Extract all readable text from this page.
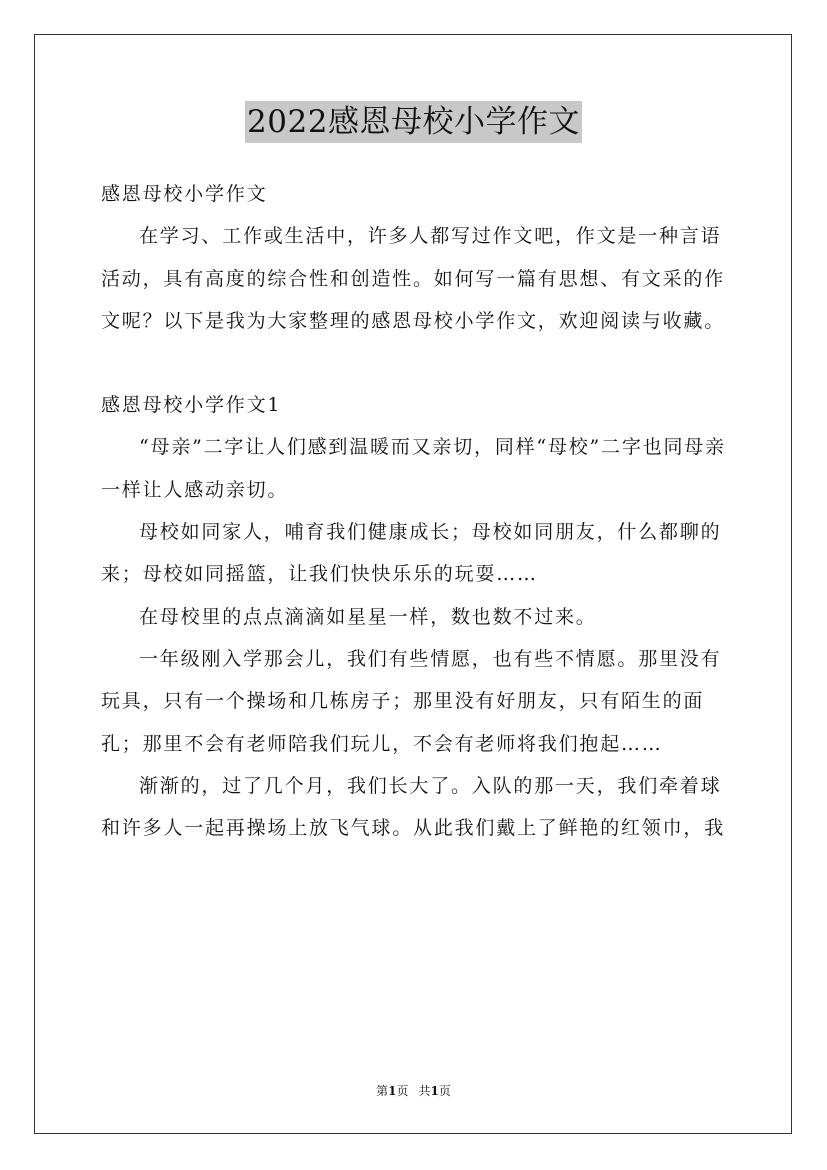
2022感恩母校小学作文

感恩母校小学作文

在学习、工作或生活中，许多人都写过作文吧，作文是一种言语活动，具有高度的综合性和创造性。如何写一篇有思想、有文采的作文呢？以下是我为大家整理的感恩母校小学作文，欢迎阅读与收藏。

感恩母校小学作文1

“母亲”二字让人们感到温暖而又亲切，同样“母校”二字也同母亲一样让人感动亲切。

母校如同家人，哺育我们健康成长；母校如同朋友，什么都聊的来；母校如同摇篮，让我们快快乐乐的玩耍……

在母校里的点点滴滴如星星一样，数也数不过来。

一年级刚入学那会儿，我们有些情愿，也有些不情愿。那里没有玩具，只有一个操场和几栋房子；那里没有好朋友，只有陌生的面孔；那里不会有老师陪我们玩儿，不会有老师将我们抱起……

渐渐的，过了几个月，我们长大了。入队的那一天，我们牵着球和许多人一起再操场上放飞气球。从此我们戴上了鲜艳的红领巾，我

第1页 共1页
